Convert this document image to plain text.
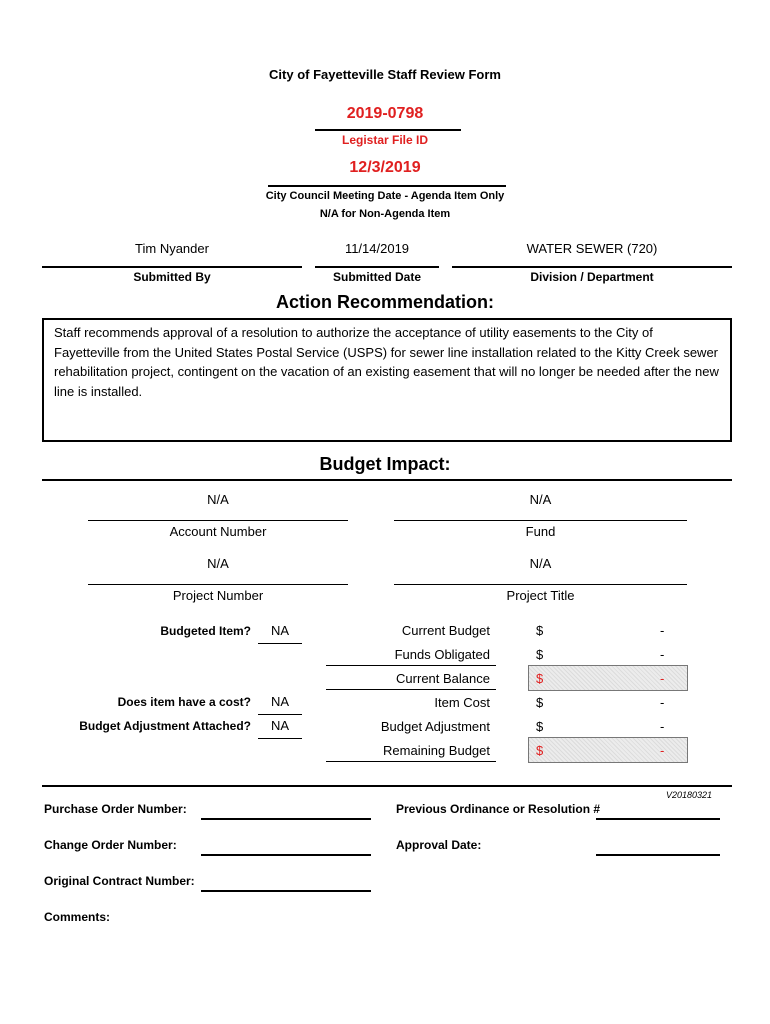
City of Fayetteville Staff Review Form
2019-0798
Legistar File ID
12/3/2019
City Council Meeting Date - Agenda Item Only
N/A for Non-Agenda Item
Tim Nyander
Submitted By
11/14/2019
Submitted Date
WATER SEWER (720)
Division / Department
Action Recommendation:
Staff recommends approval of a resolution to authorize the acceptance of utility easements to the City of Fayetteville from the United States Postal Service (USPS) for sewer line installation related to the Kitty Creek sewer rehabilitation project, contingent on the vacation of an existing easement that will no longer be needed after the new line is installed.
Budget Impact:
N/A
Account Number
N/A
Fund
N/A
Project Number
N/A
Project Title
Budgeted Item?	NA
Does item have a cost?	NA
Budget Adjustment Attached?	NA
Current Budget	$	-
Funds Obligated	$	-
Current Balance	$	-
Item Cost	$	-
Budget Adjustment	$	-
Remaining Budget	$	-
V20180321
Purchase Order Number:	Previous Ordinance or Resolution #
Change Order Number:	Approval Date:
Original Contract Number:
Comments:
